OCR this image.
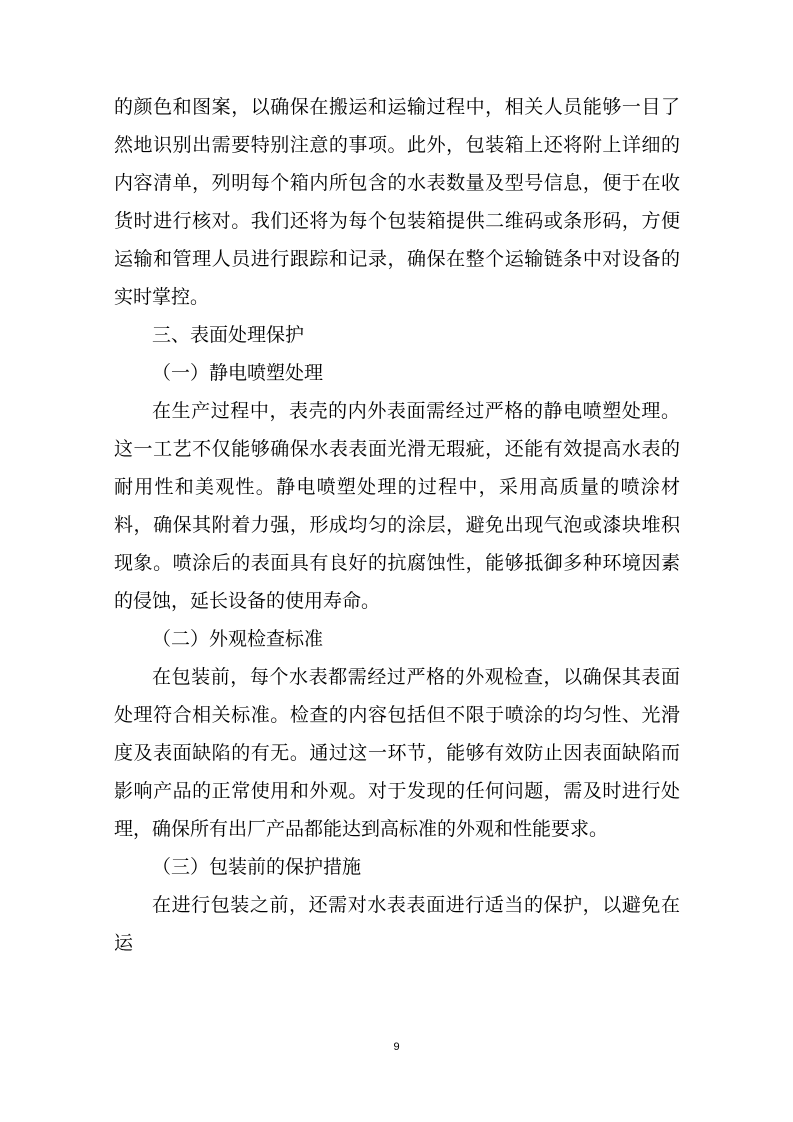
的颜色和图案，以确保在搬运和运输过程中，相关人员能够一目了然地识别出需要特别注意的事项。此外，包装箱上还将附上详细的内容清单，列明每个箱内所包含的水表数量及型号信息，便于在收货时进行核对。我们还将为每个包装箱提供二维码或条形码，方便运输和管理人员进行跟踪和记录，确保在整个运输链条中对设备的实时掌控。

三、表面处理保护

（一）静电喷塑处理

在生产过程中，表壳的内外表面需经过严格的静电喷塑处理。这一工艺不仅能够确保水表表面光滑无瑕疵，还能有效提高水表的耐用性和美观性。静电喷塑处理的过程中，采用高质量的喷涂材料，确保其附着力强，形成均匀的涂层，避免出现气泡或漆块堆积现象。喷涂后的表面具有良好的抗腐蚀性，能够抵御多种环境因素的侵蚀，延长设备的使用寿命。

（二）外观检查标准

在包装前，每个水表都需经过严格的外观检查，以确保其表面处理符合相关标准。检查的内容包括但不限于喷涂的均匀性、光滑度及表面缺陷的有无。通过这一环节，能够有效防止因表面缺陷而影响产品的正常使用和外观。对于发现的任何问题，需及时进行处理，确保所有出厂产品都能达到高标准的外观和性能要求。

（三）包装前的保护措施

在进行包装之前，还需对水表表面进行适当的保护，以避免在运

9
